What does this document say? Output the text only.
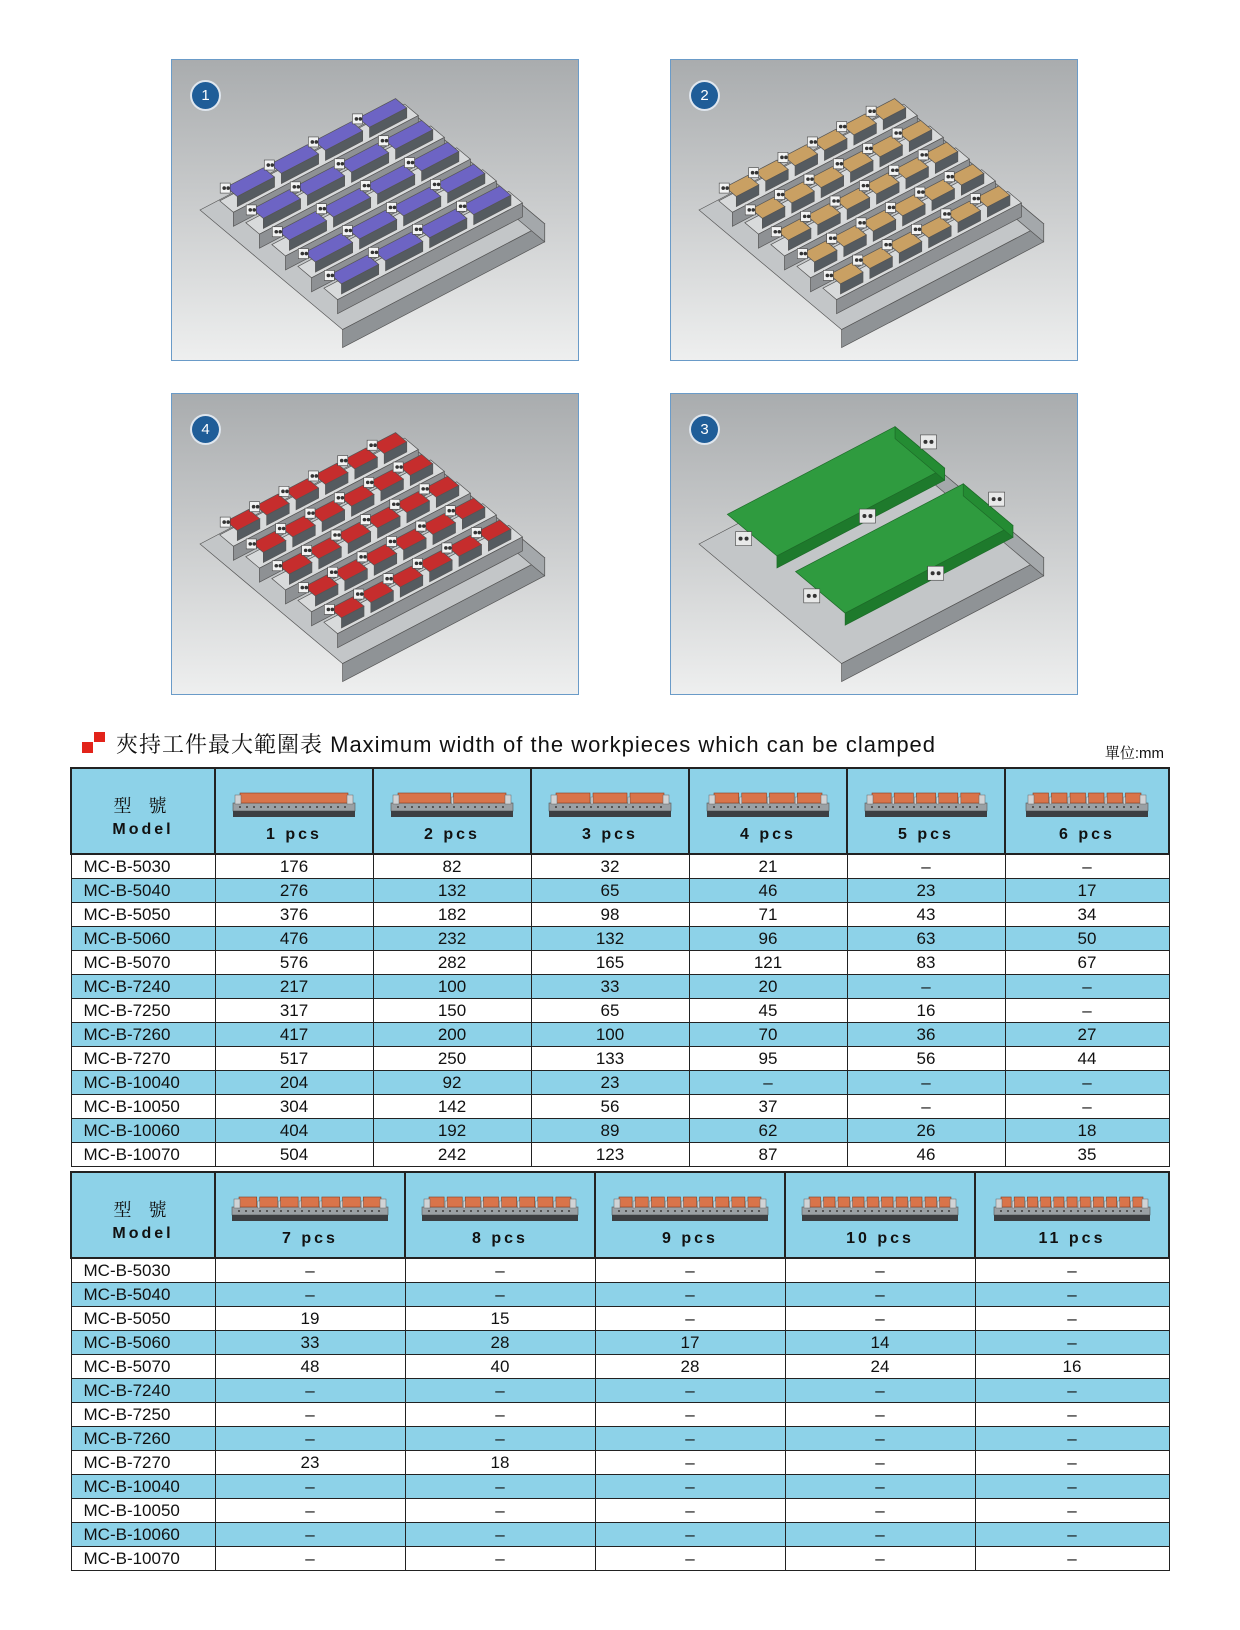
1	2
4	3
夾持工件最大範圍表 Maximum width of the workpieces which can be clamped	單位:mm
型 號
Model	1 pcs	2 pcs	3 pcs	4 pcs	5 pcs	6 pcs

MC-B-5030	176	82	32	21	–	–
MC-B-5040	276	132	65	46	23	17
MC-B-5050	376	182	98	71	43	34
MC-B-5060	476	232	132	96	63	50
MC-B-5070	576	282	165	121	83	67
MC-B-7240	217	100	33	20	–	–
MC-B-7250	317	150	65	45	16	–
MC-B-7260	417	200	100	70	36	27
MC-B-7270	517	250	133	95	56	44
MC-B-10040	204	92	23	–	–	–
MC-B-10050	304	142	56	37	–	–
MC-B-10060	404	192	89	62	26	18
MC-B-10070	504	242	123	87	46	35
型 號
Model	7 pcs	8 pcs	9 pcs	10 pcs	11 pcs

MC-B-5030	–	–	–	–	–
MC-B-5040	–	–	–	–	–
MC-B-5050	19	15	–	–	–
MC-B-5060	33	28	17	14	–
MC-B-5070	48	40	28	24	16
MC-B-7240	–	–	–	–	–
MC-B-7250	–	–	–	–	–
MC-B-7260	–	–	–	–	–
MC-B-7270	23	18	–	–	–
MC-B-10040	–	–	–	–	–
MC-B-10050	–	–	–	–	–
MC-B-10060	–	–	–	–	–
MC-B-10070	–	–	–	–	–
